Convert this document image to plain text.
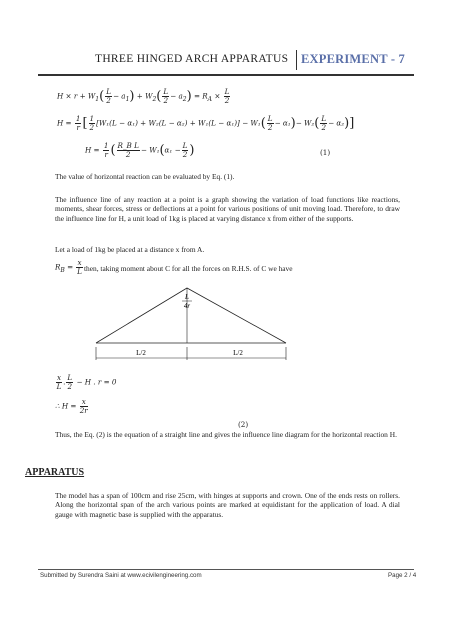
THREE HINGED ARCH APPARATUS EXPERIMENT - 7
$H \times r + W_1( \frac{L}{2} - a_1) + W_2( \frac{L}{2} - a_2) = R_A \times \frac{L}{2}$
$H = \frac{1}{r}$ [ $\frac{1}{2} [W_1(L - \alpha_1) + W_2(L - \alpha_2) + W_1(L - \alpha_1)] - W_1( \frac{L}{2} - \alpha_1)- W_2( \frac{L}{2} - \alpha_2)$]
$H = \frac{1}{r}$ ( $\frac{\text{R\_B L}}{2} - W_1(\alpha_1 - \frac{L}{2}$ )	(1)
The value of horizontal reaction can be evaluated by Eq. (1).
The influence line of any reaction at a point is a graph showing the variation of load functions like reactions, moments, shear forces, stress or deflections at a point for various positions of unit moving load. Therefore, to draw the influence line for H, a unit load of 1kg is placed at varying distance x from either of the supports.
Let a load of 1kg be placed at a distance x from A.
$R_B = \frac{x}{L}$ then, taking moment about C for all the forces on R.H.S. of C we have
L
4r
L/2	L/2
$\frac{x}{L}$ . $\frac{L}{2} - H$ . r = 0
∴ $H = \frac{x}{2r}$
(2)
Thus, the Eq. (2) is the equation of a straight line and gives the influence line diagram for the horizontal reaction H.
APPARATUS
The model has a span of 100cm and rise 25cm, with hinges at supports and crown. One of the ends rests on rollers. Along the horizontal span of the arch various points are marked at equidistant for the application of load. A dial gauge with magnetic base is supplied with the apparatus.
Submitted by Surendra Saini at www.ecivilengineering.com	Page 2 / 4
